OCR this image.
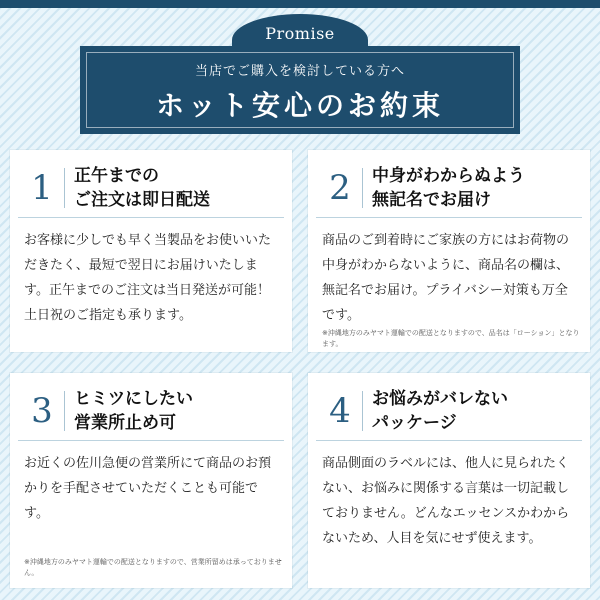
Promise
当店でご購入を検討している方へ
ホット安心のお約束
1	正午までの
ご注文は即日配送
お客様に少しでも早く当製品をお使いいただきたく、最短で翌日にお届けいたします。正午までのご注文は当日発送が可能！土日祝のご指定も承ります。
2	中身がわからぬよう
無記名でお届け
商品のご到着時にご家族の方にはお荷物の中身がわからないように、商品名の欄は、無記名でお届け。プライバシー対策も万全です。
※沖縄地方のみヤマト運輸での配送となりますので、品名は「ローション」となります。
3	ヒミツにしたい
営業所止め可
お近くの佐川急便の営業所にて商品のお預かりを手配させていただくことも可能です。
※沖縄地方のみヤマト運輸での配送となりますので、営業所留めは承っておりません。
4	お悩みがバレない
パッケージ
商品側面のラベルには、他人に見られたくない、お悩みに関係する言葉は一切記載しておりません。どんなエッセンスかわからないため、人目を気にせず使えます。
